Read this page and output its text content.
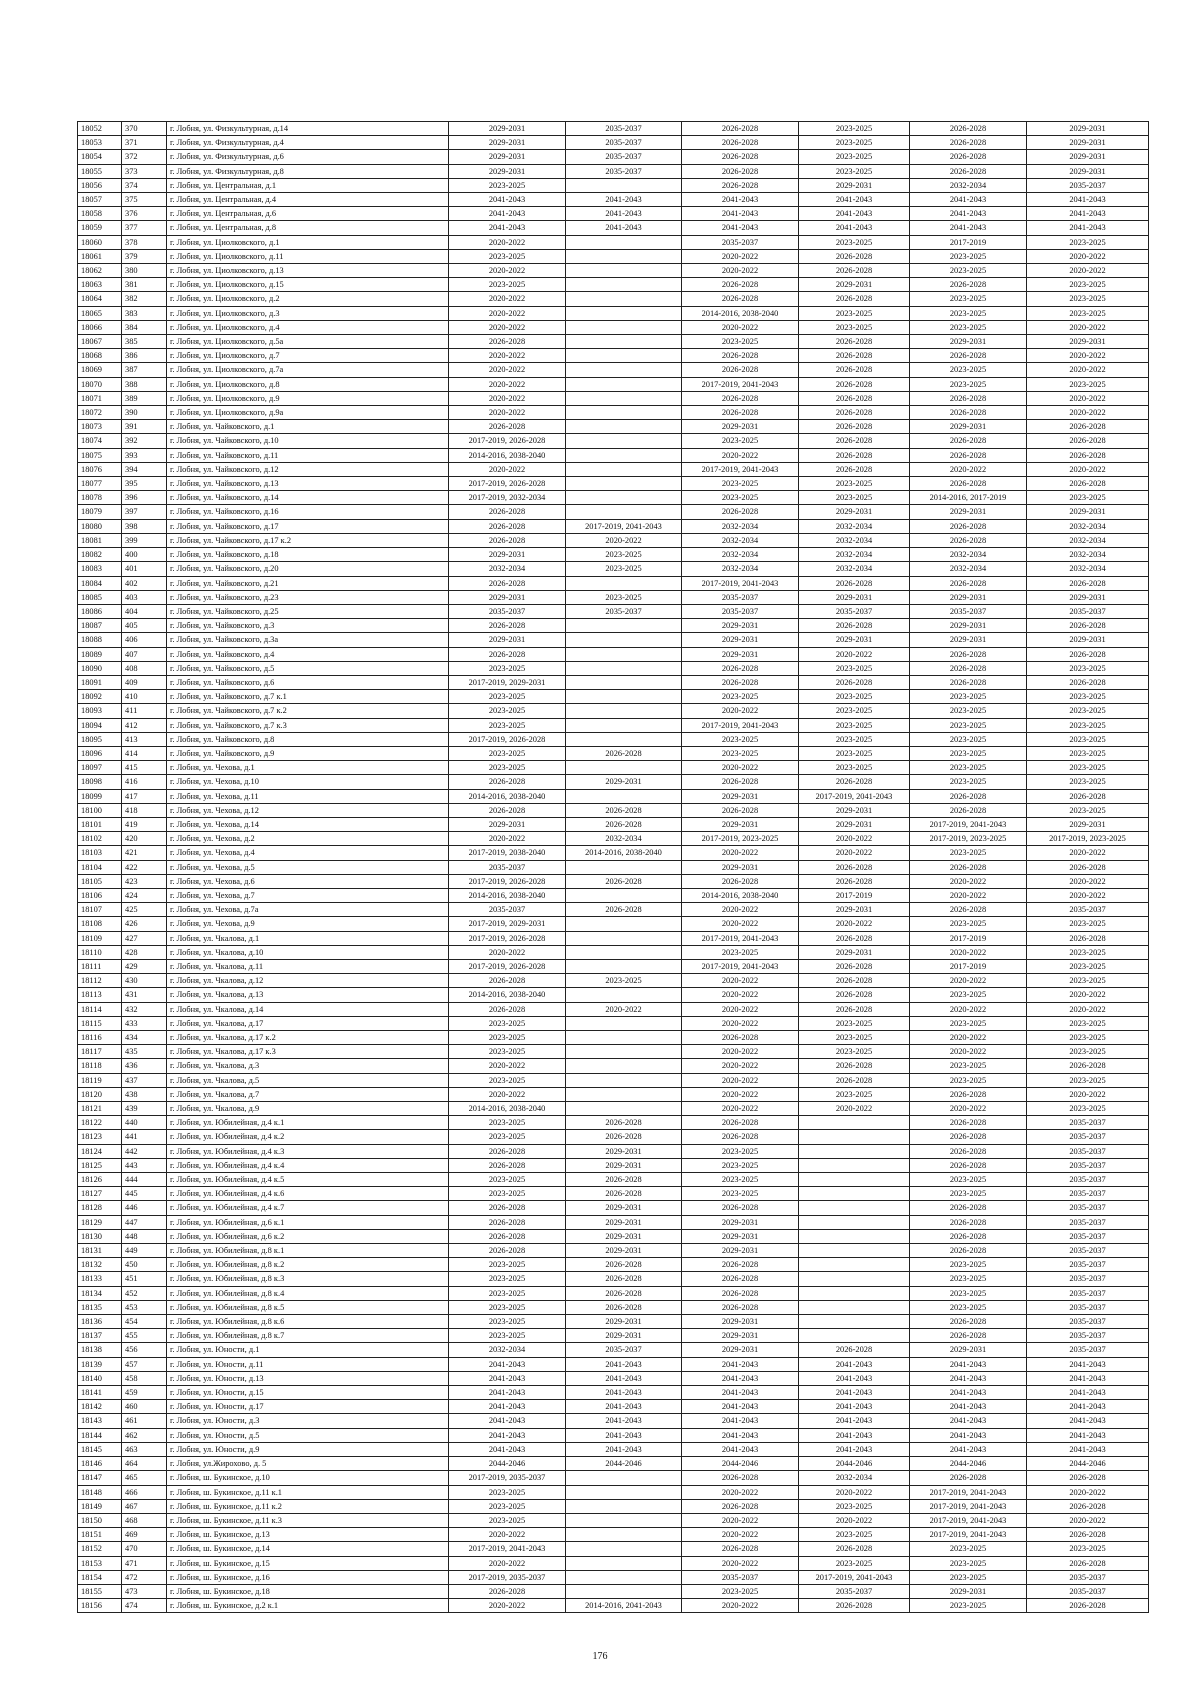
18052	370	г. Лобня, ул. Физкультурная, д.14	2029-2031	2035-2037	2026-2028	2023-2025	2026-2028	2029-2031
18053	371	г. Лобня, ул. Физкультурная, д.4	2029-2031	2035-2037	2026-2028	2023-2025	2026-2028	2029-2031
18054	372	г. Лобня, ул. Физкультурная, д.6	2029-2031	2035-2037	2026-2028	2023-2025	2026-2028	2029-2031
18055	373	г. Лобня, ул. Физкультурная, д.8	2029-2031	2035-2037	2026-2028	2023-2025	2026-2028	2029-2031
18056	374	г. Лобня, ул. Центральная, д.1	2023-2025		2026-2028	2029-2031	2032-2034	2035-2037
18057	375	г. Лобня, ул. Центральная, д.4	2041-2043	2041-2043	2041-2043	2041-2043	2041-2043	2041-2043
18058	376	г. Лобня, ул. Центральная, д.6	2041-2043	2041-2043	2041-2043	2041-2043	2041-2043	2041-2043
18059	377	г. Лобня, ул. Центральная, д.8	2041-2043	2041-2043	2041-2043	2041-2043	2041-2043	2041-2043
18060	378	г. Лобня, ул. Циолковского, д.1	2020-2022		2035-2037	2023-2025	2017-2019	2023-2025
18061	379	г. Лобня, ул. Циолковского, д.11	2023-2025		2020-2022	2026-2028	2023-2025	2020-2022
18062	380	г. Лобня, ул. Циолковского, д.13	2020-2022		2020-2022	2026-2028	2023-2025	2020-2022
18063	381	г. Лобня, ул. Циолковского, д.15	2023-2025		2026-2028	2029-2031	2026-2028	2023-2025
18064	382	г. Лобня, ул. Циолковского, д.2	2020-2022		2026-2028	2026-2028	2023-2025	2023-2025
18065	383	г. Лобня, ул. Циолковского, д.3	2020-2022		2014-2016, 2038-2040	2023-2025	2023-2025	2023-2025
18066	384	г. Лобня, ул. Циолковского, д.4	2020-2022		2020-2022	2023-2025	2023-2025	2020-2022
18067	385	г. Лобня, ул. Циолковского, д.5а	2026-2028		2023-2025	2026-2028	2029-2031	2029-2031
18068	386	г. Лобня, ул. Циолковского, д.7	2020-2022		2026-2028	2026-2028	2026-2028	2020-2022
18069	387	г. Лобня, ул. Циолковского, д.7а	2020-2022		2026-2028	2026-2028	2023-2025	2020-2022
18070	388	г. Лобня, ул. Циолковского, д.8	2020-2022		2017-2019, 2041-2043	2026-2028	2023-2025	2023-2025
18071	389	г. Лобня, ул. Циолковского, д.9	2020-2022		2026-2028	2026-2028	2026-2028	2020-2022
18072	390	г. Лобня, ул. Циолковского, д.9а	2020-2022		2026-2028	2026-2028	2026-2028	2020-2022
18073	391	г. Лобня, ул. Чайковского, д.1	2026-2028		2029-2031	2026-2028	2029-2031	2026-2028
18074	392	г. Лобня, ул. Чайковского, д.10	2017-2019, 2026-2028		2023-2025	2026-2028	2026-2028	2026-2028
18075	393	г. Лобня, ул. Чайковского, д.11	2014-2016, 2038-2040		2020-2022	2026-2028	2026-2028	2026-2028
18076	394	г. Лобня, ул. Чайковского, д.12	2020-2022		2017-2019, 2041-2043	2026-2028	2020-2022	2020-2022
18077	395	г. Лобня, ул. Чайковского, д.13	2017-2019, 2026-2028		2023-2025	2023-2025	2026-2028	2026-2028
18078	396	г. Лобня, ул. Чайковского, д.14	2017-2019, 2032-2034		2023-2025	2023-2025	2014-2016, 2017-2019	2023-2025
18079	397	г. Лобня, ул. Чайковского, д.16	2026-2028		2026-2028	2029-2031	2029-2031	2029-2031
18080	398	г. Лобня, ул. Чайковского, д.17	2026-2028	2017-2019, 2041-2043	2032-2034	2032-2034	2026-2028	2032-2034
18081	399	г. Лобня, ул. Чайковского, д.17 к.2	2026-2028	2020-2022	2032-2034	2032-2034	2026-2028	2032-2034
18082	400	г. Лобня, ул. Чайковского, д.18	2029-2031	2023-2025	2032-2034	2032-2034	2032-2034	2032-2034
18083	401	г. Лобня, ул. Чайковского, д.20	2032-2034	2023-2025	2032-2034	2032-2034	2032-2034	2032-2034
18084	402	г. Лобня, ул. Чайковского, д.21	2026-2028		2017-2019, 2041-2043	2026-2028	2026-2028	2026-2028
18085	403	г. Лобня, ул. Чайковского, д.23	2029-2031	2023-2025	2035-2037	2029-2031	2029-2031	2029-2031
18086	404	г. Лобня, ул. Чайковского, д.25	2035-2037	2035-2037	2035-2037	2035-2037	2035-2037	2035-2037
18087	405	г. Лобня, ул. Чайковского, д.3	2026-2028		2029-2031	2026-2028	2029-2031	2026-2028
18088	406	г. Лобня, ул. Чайковского, д.3а	2029-2031		2029-2031	2029-2031	2029-2031	2029-2031
18089	407	г. Лобня, ул. Чайковского, д.4	2026-2028		2029-2031	2020-2022	2026-2028	2026-2028
18090	408	г. Лобня, ул. Чайковского, д.5	2023-2025		2026-2028	2023-2025	2026-2028	2023-2025
18091	409	г. Лобня, ул. Чайковского, д.6	2017-2019, 2029-2031		2026-2028	2026-2028	2026-2028	2026-2028
18092	410	г. Лобня, ул. Чайковского, д.7 к.1	2023-2025		2023-2025	2023-2025	2023-2025	2023-2025
18093	411	г. Лобня, ул. Чайковского, д.7 к.2	2023-2025		2020-2022	2023-2025	2023-2025	2023-2025
18094	412	г. Лобня, ул. Чайковского, д.7 к.3	2023-2025		2017-2019, 2041-2043	2023-2025	2023-2025	2023-2025
18095	413	г. Лобня, ул. Чайковского, д.8	2017-2019, 2026-2028		2023-2025	2023-2025	2023-2025	2023-2025
18096	414	г. Лобня, ул. Чайковского, д.9	2023-2025	2026-2028	2023-2025	2023-2025	2023-2025	2023-2025
18097	415	г. Лобня, ул. Чехова, д.1	2023-2025		2020-2022	2023-2025	2023-2025	2023-2025
18098	416	г. Лобня, ул. Чехова, д.10	2026-2028	2029-2031	2026-2028	2026-2028	2023-2025	2023-2025
18099	417	г. Лобня, ул. Чехова, д.11	2014-2016, 2038-2040		2029-2031	2017-2019, 2041-2043	2026-2028	2026-2028
18100	418	г. Лобня, ул. Чехова, д.12	2026-2028	2026-2028	2026-2028	2029-2031	2026-2028	2023-2025
18101	419	г. Лобня, ул. Чехова, д.14	2029-2031	2026-2028	2029-2031	2029-2031	2017-2019, 2041-2043	2029-2031
18102	420	г. Лобня, ул. Чехова, д.2	2020-2022	2032-2034	2017-2019, 2023-2025	2020-2022	2017-2019, 2023-2025	2017-2019, 2023-2025
18103	421	г. Лобня, ул. Чехова, д.4	2017-2019, 2038-2040	2014-2016, 2038-2040	2020-2022	2020-2022	2023-2025	2020-2022
18104	422	г. Лобня, ул. Чехова, д.5	2035-2037		2029-2031	2026-2028	2026-2028	2026-2028
18105	423	г. Лобня, ул. Чехова, д.6	2017-2019, 2026-2028	2026-2028	2026-2028	2026-2028	2020-2022	2020-2022
18106	424	г. Лобня, ул. Чехова, д.7	2014-2016, 2038-2040		2014-2016, 2038-2040	2017-2019	2020-2022	2020-2022
18107	425	г. Лобня, ул. Чехова, д.7а	2035-2037	2026-2028	2020-2022	2029-2031	2026-2028	2035-2037
18108	426	г. Лобня, ул. Чехова, д.9	2017-2019, 2029-2031		2020-2022	2020-2022	2023-2025	2023-2025
18109	427	г. Лобня, ул. Чкалова, д.1	2017-2019, 2026-2028		2017-2019, 2041-2043	2026-2028	2017-2019	2026-2028
18110	428	г. Лобня, ул. Чкалова, д.10	2020-2022		2023-2025	2029-2031	2020-2022	2023-2025
18111	429	г. Лобня, ул. Чкалова, д.11	2017-2019, 2026-2028		2017-2019, 2041-2043	2026-2028	2017-2019	2023-2025
18112	430	г. Лобня, ул. Чкалова, д.12	2026-2028	2023-2025	2020-2022	2026-2028	2020-2022	2023-2025
18113	431	г. Лобня, ул. Чкалова, д.13	2014-2016, 2038-2040		2020-2022	2026-2028	2023-2025	2020-2022
18114	432	г. Лобня, ул. Чкалова, д.14	2026-2028	2020-2022	2020-2022	2026-2028	2020-2022	2020-2022
18115	433	г. Лобня, ул. Чкалова, д.17	2023-2025		2020-2022	2023-2025	2023-2025	2023-2025
18116	434	г. Лобня, ул. Чкалова, д.17 к.2	2023-2025		2026-2028	2023-2025	2020-2022	2023-2025
18117	435	г. Лобня, ул. Чкалова, д.17 к.3	2023-2025		2020-2022	2023-2025	2020-2022	2023-2025
18118	436	г. Лобня, ул. Чкалова, д.3	2020-2022		2020-2022	2026-2028	2023-2025	2026-2028
18119	437	г. Лобня, ул. Чкалова, д.5	2023-2025		2020-2022	2026-2028	2023-2025	2023-2025
18120	438	г. Лобня, ул. Чкалова, д.7	2020-2022		2020-2022	2023-2025	2026-2028	2020-2022
18121	439	г. Лобня, ул. Чкалова, д.9	2014-2016, 2038-2040		2020-2022	2020-2022	2020-2022	2023-2025
18122	440	г. Лобня, ул. Юбилейная, д.4 к.1	2023-2025	2026-2028	2026-2028		2026-2028	2035-2037
18123	441	г. Лобня, ул. Юбилейная, д.4 к.2	2023-2025	2026-2028	2026-2028		2026-2028	2035-2037
18124	442	г. Лобня, ул. Юбилейная, д.4 к.3	2026-2028	2029-2031	2023-2025		2026-2028	2035-2037
18125	443	г. Лобня, ул. Юбилейная, д.4 к.4	2026-2028	2029-2031	2023-2025		2026-2028	2035-2037
18126	444	г. Лобня, ул. Юбилейная, д.4 к.5	2023-2025	2026-2028	2023-2025		2023-2025	2035-2037
18127	445	г. Лобня, ул. Юбилейная, д.4 к.6	2023-2025	2026-2028	2023-2025		2023-2025	2035-2037
18128	446	г. Лобня, ул. Юбилейная, д.4 к.7	2026-2028	2029-2031	2026-2028		2026-2028	2035-2037
18129	447	г. Лобня, ул. Юбилейная, д.6 к.1	2026-2028	2029-2031	2029-2031		2026-2028	2035-2037
18130	448	г. Лобня, ул. Юбилейная, д.6 к.2	2026-2028	2029-2031	2029-2031		2026-2028	2035-2037
18131	449	г. Лобня, ул. Юбилейная, д.8 к.1	2026-2028	2029-2031	2029-2031		2026-2028	2035-2037
18132	450	г. Лобня, ул. Юбилейная, д.8 к.2	2023-2025	2026-2028	2026-2028		2023-2025	2035-2037
18133	451	г. Лобня, ул. Юбилейная, д.8 к.3	2023-2025	2026-2028	2026-2028		2023-2025	2035-2037
18134	452	г. Лобня, ул. Юбилейная, д.8 к.4	2023-2025	2026-2028	2026-2028		2023-2025	2035-2037
18135	453	г. Лобня, ул. Юбилейная, д.8 к.5	2023-2025	2026-2028	2026-2028		2023-2025	2035-2037
18136	454	г. Лобня, ул. Юбилейная, д.8 к.6	2023-2025	2029-2031	2029-2031		2026-2028	2035-2037
18137	455	г. Лобня, ул. Юбилейная, д.8 к.7	2023-2025	2029-2031	2029-2031		2026-2028	2035-2037
18138	456	г. Лобня, ул. Юности, д.1	2032-2034	2035-2037	2029-2031	2026-2028	2029-2031	2035-2037
18139	457	г. Лобня, ул. Юности, д.11	2041-2043	2041-2043	2041-2043	2041-2043	2041-2043	2041-2043
18140	458	г. Лобня, ул. Юности, д.13	2041-2043	2041-2043	2041-2043	2041-2043	2041-2043	2041-2043
18141	459	г. Лобня, ул. Юности, д.15	2041-2043	2041-2043	2041-2043	2041-2043	2041-2043	2041-2043
18142	460	г. Лобня, ул. Юности, д.17	2041-2043	2041-2043	2041-2043	2041-2043	2041-2043	2041-2043
18143	461	г. Лобня, ул. Юности, д.3	2041-2043	2041-2043	2041-2043	2041-2043	2041-2043	2041-2043
18144	462	г. Лобня, ул. Юности, д.5	2041-2043	2041-2043	2041-2043	2041-2043	2041-2043	2041-2043
18145	463	г. Лобня, ул. Юности, д.9	2041-2043	2041-2043	2041-2043	2041-2043	2041-2043	2041-2043
18146	464	г. Лобня, ул.Жирохово, д. 5	2044-2046	2044-2046	2044-2046	2044-2046	2044-2046	2044-2046
18147	465	г. Лобня, ш. Букинское, д.10	2017-2019, 2035-2037		2026-2028	2032-2034	2026-2028	2026-2028
18148	466	г. Лобня, ш. Букинское, д.11 к.1	2023-2025		2020-2022	2020-2022	2017-2019, 2041-2043	2020-2022
18149	467	г. Лобня, ш. Букинское, д.11 к.2	2023-2025		2026-2028	2023-2025	2017-2019, 2041-2043	2026-2028
18150	468	г. Лобня, ш. Букинское, д.11 к.3	2023-2025		2020-2022	2020-2022	2017-2019, 2041-2043	2020-2022
18151	469	г. Лобня, ш. Букинское, д.13	2020-2022		2020-2022	2023-2025	2017-2019, 2041-2043	2026-2028
18152	470	г. Лобня, ш. Букинское, д.14	2017-2019, 2041-2043		2026-2028	2026-2028	2023-2025	2023-2025
18153	471	г. Лобня, ш. Букинское, д.15	2020-2022		2020-2022	2023-2025	2023-2025	2026-2028
18154	472	г. Лобня, ш. Букинское, д.16	2017-2019, 2035-2037		2035-2037	2017-2019, 2041-2043	2023-2025	2035-2037
18155	473	г. Лобня, ш. Букинское, д.18	2026-2028		2023-2025	2035-2037	2029-2031	2035-2037
18156	474	г. Лобня, ш. Букинское, д.2 к.1	2020-2022	2014-2016, 2041-2043	2020-2022	2026-2028	2023-2025	2026-2028
176
